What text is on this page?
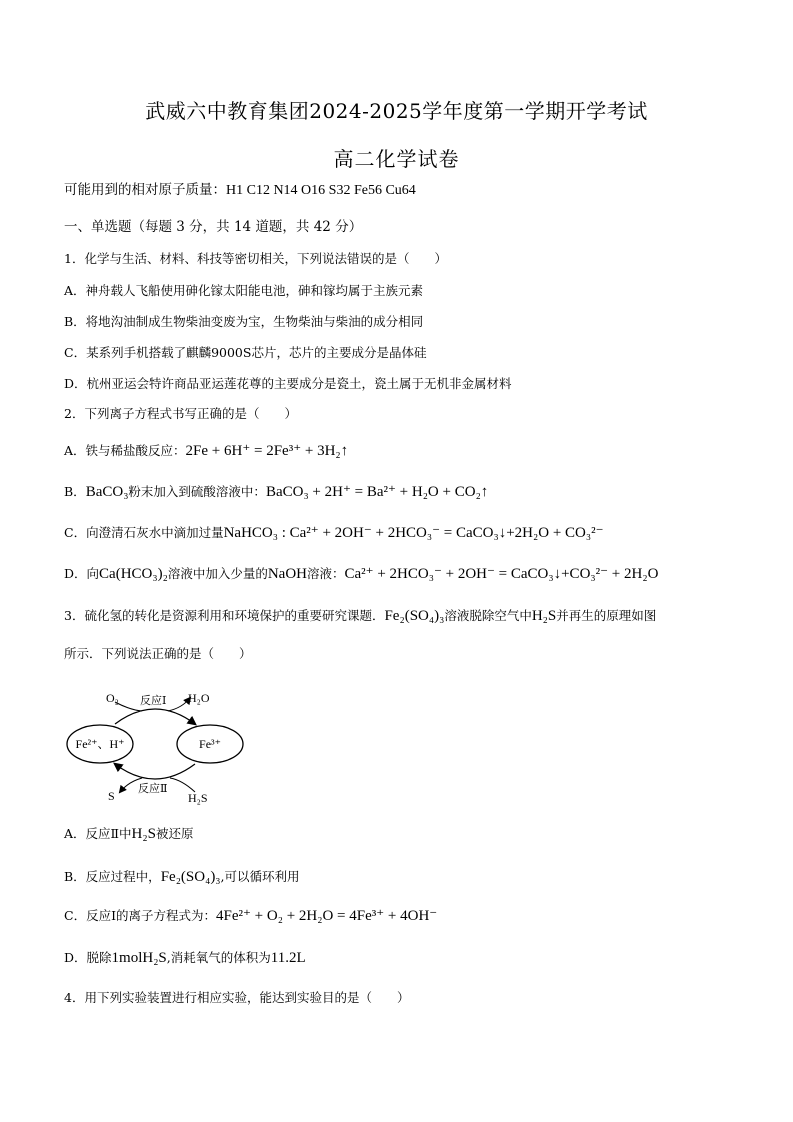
武威六中教育集团2024-2025学年度第一学期开学考试
高二化学试卷
可能用到的相对原子质量：H1 C12 N14 O16 S32 Fe56 Cu64
一、单选题（每题 3 分，共 14 道题，共 42 分）
1．化学与生活、材料、科技等密切相关，下列说法错误的是（　　）
A．神舟载人飞船使用砷化镓太阳能电池，砷和镓均属于主族元素
B．将地沟油制成生物柴油变废为宝，生物柴油与柴油的成分相同
C．某系列手机搭载了麒麟9000S芯片，芯片的主要成分是晶体硅
D．杭州亚运会特许商品亚运莲花尊的主要成分是瓷土，瓷土属于无机非金属材料
2．下列离子方程式书写正确的是（　　）
A．铁与稀盐酸反应：2Fe + 6H⁺ = 2Fe³⁺ + 3H₂↑
B．BaCO₃粉末加入到硫酸溶液中：BaCO₃ + 2H⁺ = Ba²⁺ + H₂O + CO₂↑
C．向澄清石灰水中滴加过量NaHCO₃ : Ca²⁺ + 2OH⁻ + 2HCO₃⁻ = CaCO₃↓+2H₂O + CO₃²⁻
D．向Ca(HCO₃)₂溶液中加入少量的NaOH溶液：Ca²⁺ + 2HCO₃⁻ + 2OH⁻ = CaCO₃↓+CO₃²⁻ + 2H₂O
3．硫化氢的转化是资源利用和环境保护的重要研究课题．Fe₂(SO₄)₃溶液脱除空气中H₂S并再生的原理如图
所示．下列说法正确的是（　　）
Fe²⁺、H⁺	Fe³⁺
O₂ 反应Ⅰ H₂O
S 反应Ⅱ
H₂S
A．反应Ⅱ中H₂S被还原
B．反应过程中，Fe₂(SO₄)₃,可以循环利用
C．反应Ⅰ的离子方程式为：4Fe²⁺ + O₂ + 2H₂O = 4Fe³⁺ + 4OH⁻
D．脱除1molH₂S,消耗氧气的体积为11.2L
4．用下列实验装置进行相应实验，能达到实验目的是（　　）
